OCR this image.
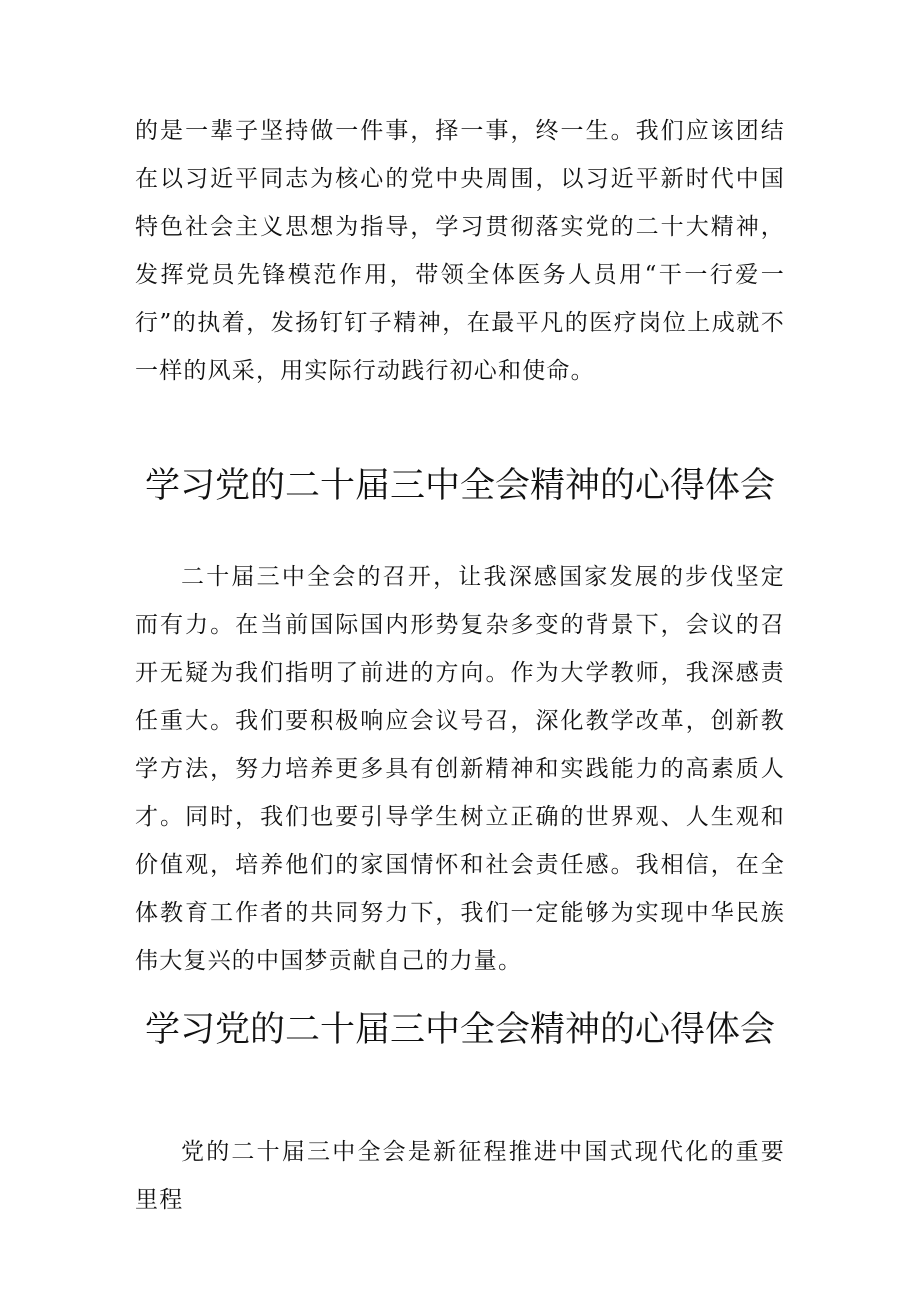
的是一辈子坚持做一件事，择一事，终一生。我们应该团结在以习近平同志为核心的党中央周围，以习近平新时代中国特色社会主义思想为指导，学习贯彻落实党的二十大精神，发挥党员先锋模范作用，带领全体医务人员用“干一行爱一行”的执着，发扬钉钉子精神，在最平凡的医疗岗位上成就不一样的风采，用实际行动践行初心和使命。

学习党的二十届三中全会精神的心得体会

二十届三中全会的召开，让我深感国家发展的步伐坚定而有力。在当前国际国内形势复杂多变的背景下，会议的召开无疑为我们指明了前进的方向。作为大学教师，我深感责任重大。我们要积极响应会议号召，深化教学改革，创新教学方法，努力培养更多具有创新精神和实践能力的高素质人才。同时，我们也要引导学生树立正确的世界观、人生观和价值观，培养他们的家国情怀和社会责任感。我相信，在全体教育工作者的共同努力下，我们一定能够为实现中华民族伟大复兴的中国梦贡献自己的力量。

学习党的二十届三中全会精神的心得体会

党的二十届三中全会是新征程推进中国式现代化的重要里程
